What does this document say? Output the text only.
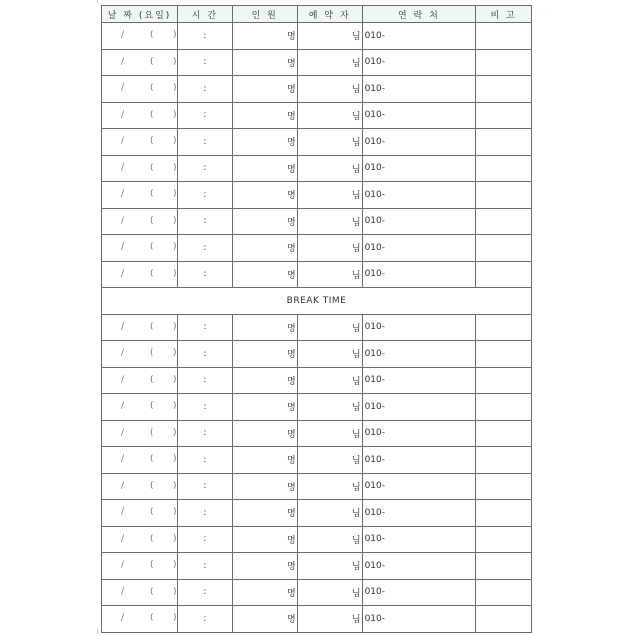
날 짜 (요일)	시 간	인 원	예 약 자	연 락 처	비 고

/ ( )	:	명	님	010-	

/ ( )	:	명	님	010-	

/ ( )	:	명	님	010-	

/ ( )	:	명	님	010-	

/ ( )	:	명	님	010-	

/ ( )	:	명	님	010-	

/ ( )	:	명	님	010-	

/ ( )	:	명	님	010-	

/ ( )	:	명	님	010-	

/ ( )	:	명	님	010-	
BREAK TIME					

/ ( )	:	명	님	010-	

/ ( )	:	명	님	010-	

/ ( )	:	명	님	010-	

/ ( )	:	명	님	010-	

/ ( )	:	명	님	010-	

/ ( )	:	명	님	010-	

/ ( )	:	명	님	010-	

/ ( )	:	명	님	010-	

/ ( )	:	명	님	010-	

/ ( )	:	명	님	010-	

/ ( )	:	명	님	010-	

/ ( )	:	명	님	010-	
